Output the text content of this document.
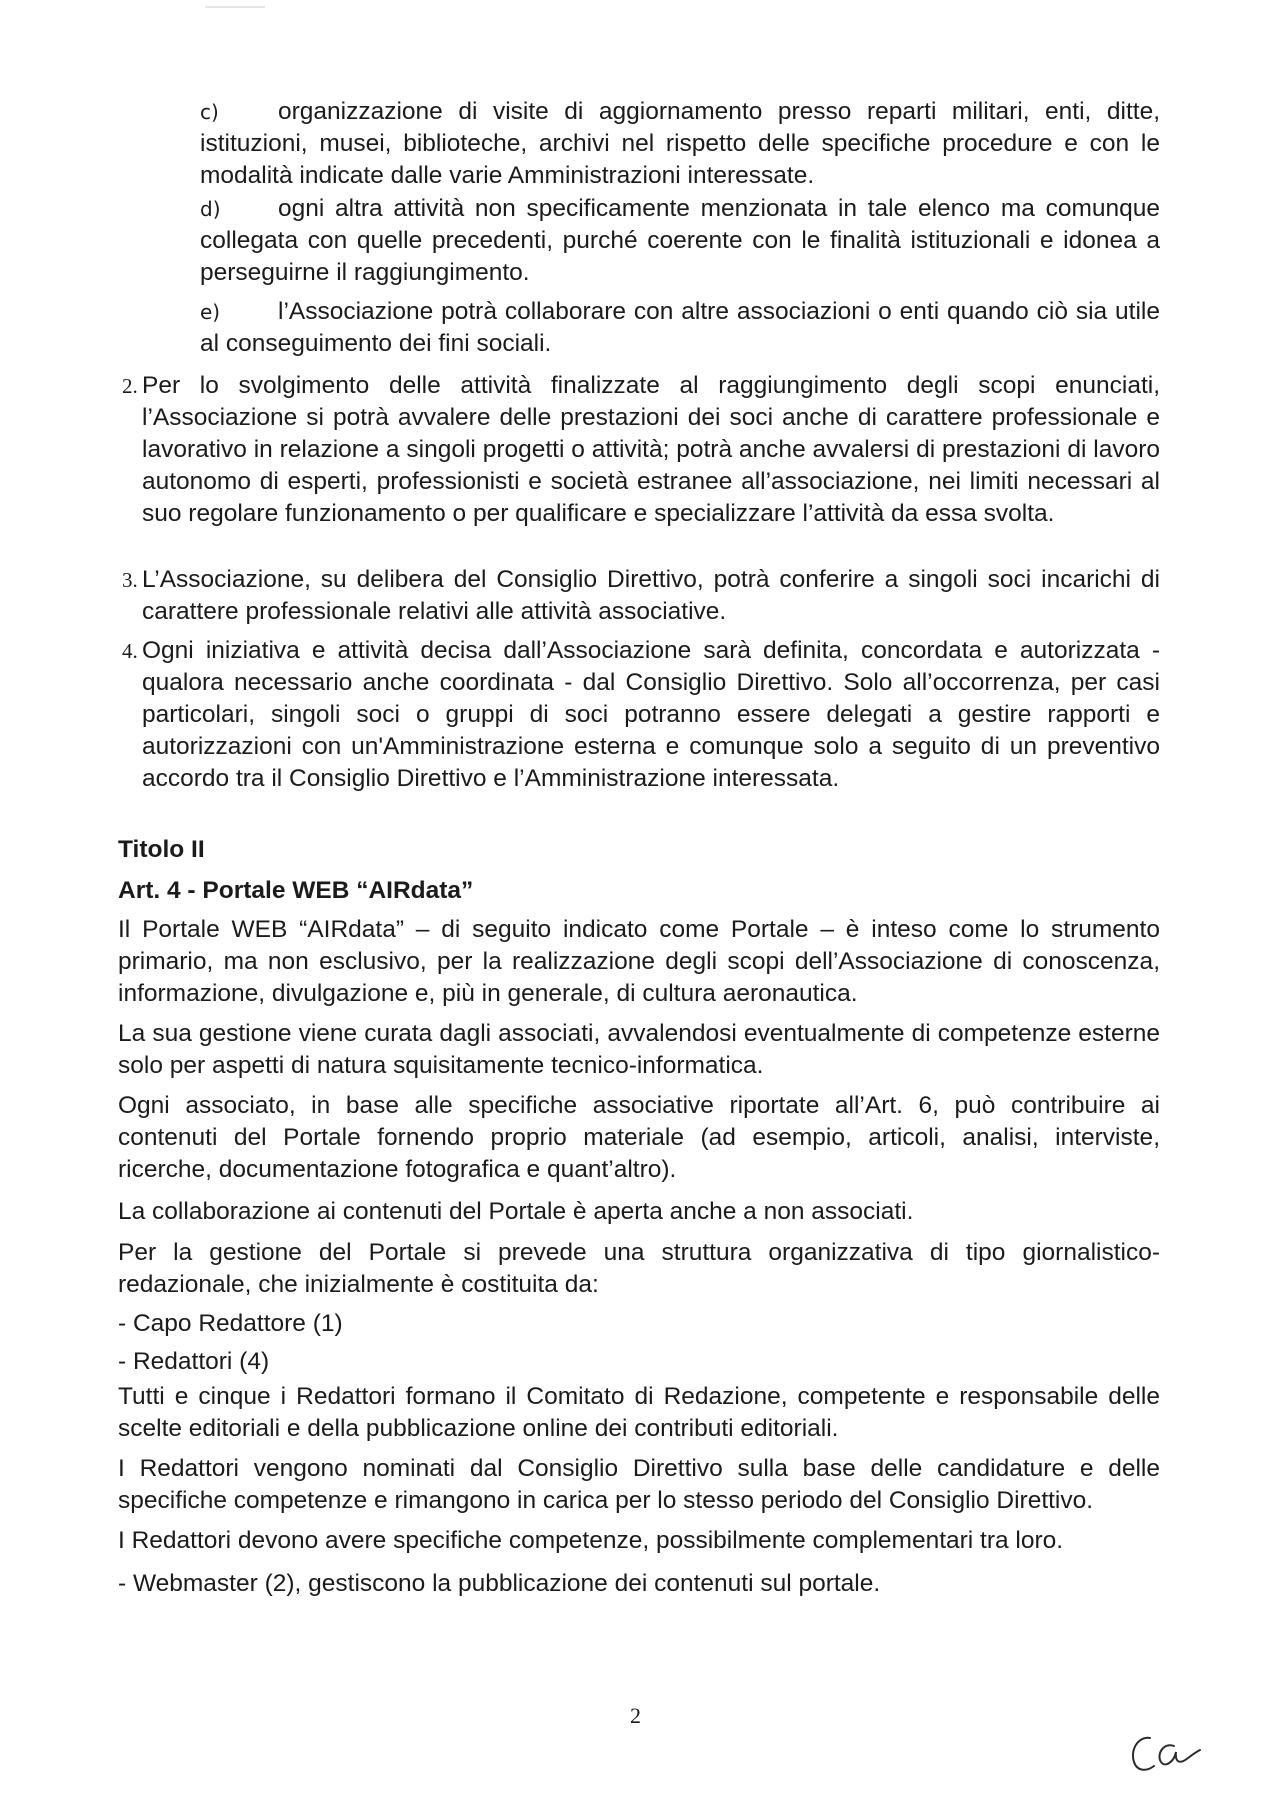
c) organizzazione di visite di aggiornamento presso reparti militari, enti, ditte, istituzioni, musei, biblioteche, archivi nel rispetto delle specifiche procedure e con le modalità indicate dalle varie Amministrazioni interessate.

d) ogni altra attività non specificamente menzionata in tale elenco ma comunque collegata con quelle precedenti, purché coerente con le finalità istituzionali e idonea a perseguirne il raggiungimento.

e) l’Associazione potrà collaborare con altre associazioni o enti quando ciò sia utile al conseguimento dei fini sociali.

2. Per lo svolgimento delle attività finalizzate al raggiungimento degli scopi enunciati, l’Associazione si potrà avvalere delle prestazioni dei soci anche di carattere professionale e lavorativo in relazione a singoli progetti o attività; potrà anche avvalersi di prestazioni di lavoro autonomo di esperti, professionisti e società estranee all’associazione, nei limiti necessari al suo regolare funzionamento o per qualificare e specializzare l’attività da essa svolta.

3. L’Associazione, su delibera del Consiglio Direttivo, potrà conferire a singoli soci incarichi di carattere professionale relativi alle attività associative.

4. Ogni iniziativa e attività decisa dall’Associazione sarà definita, concordata e autorizzata - qualora necessario anche coordinata - dal Consiglio Direttivo. Solo all’occorrenza, per casi particolari, singoli soci o gruppi di soci potranno essere delegati a gestire rapporti e autorizzazioni con un'Amministrazione esterna e comunque solo a seguito di un preventivo accordo tra il Consiglio Direttivo e l’Amministrazione interessata.

Titolo II
Art. 4 - Portale WEB “AIRdata”

Il Portale WEB “AIRdata” – di seguito indicato come Portale – è inteso come lo strumento primario, ma non esclusivo, per la realizzazione degli scopi dell’Associazione di conoscenza, informazione, divulgazione e, più in generale, di cultura aeronautica.

La sua gestione viene curata dagli associati, avvalendosi eventualmente di competenze esterne solo per aspetti di natura squisitamente tecnico-informatica.

Ogni associato, in base alle specifiche associative riportate all’Art. 6, può contribuire ai contenuti del Portale fornendo proprio materiale (ad esempio, articoli, analisi, interviste, ricerche, documentazione fotografica e quant’altro).

La collaborazione ai contenuti del Portale è aperta anche a non associati.

Per la gestione del Portale si prevede una struttura organizzativa di tipo giornalistico-redazionale, che inizialmente è costituita da:

- Capo Redattore (1)

- Redattori (4)

Tutti e cinque i Redattori formano il Comitato di Redazione, competente e responsabile delle scelte editoriali e della pubblicazione online dei contributi editoriali.

I Redattori vengono nominati dal Consiglio Direttivo sulla base delle candidature e delle specifiche competenze e rimangono in carica per lo stesso periodo del Consiglio Direttivo.

I Redattori devono avere specifiche competenze, possibilmente complementari tra loro.

- Webmaster (2), gestiscono la pubblicazione dei contenuti sul portale.

2
